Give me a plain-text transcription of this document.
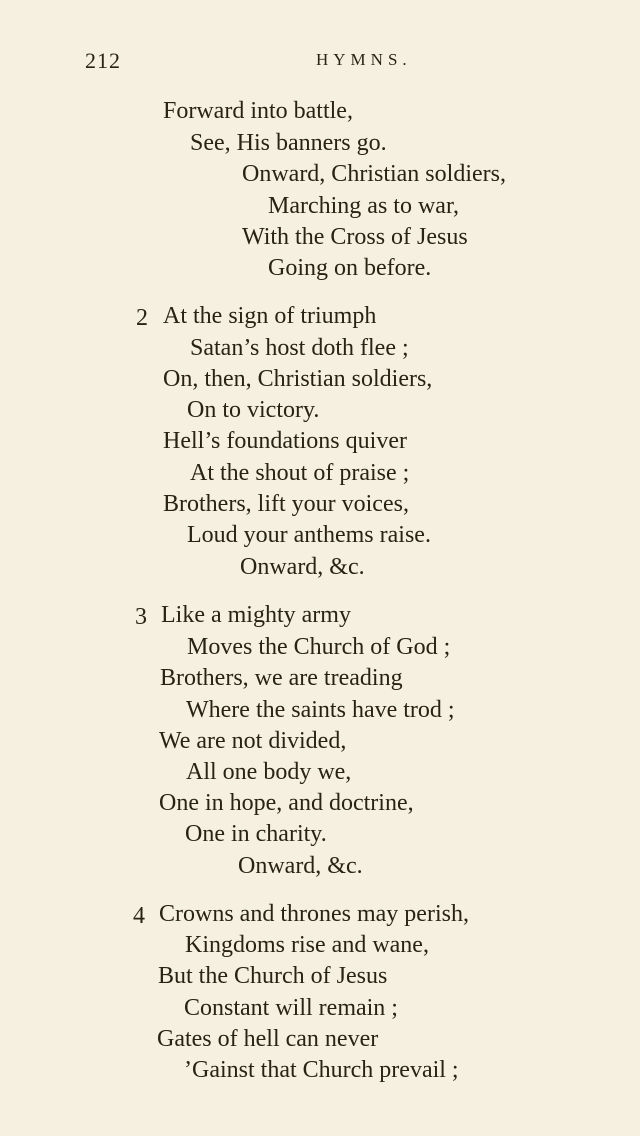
212	HYMNS.
Forward into battle,
See, His banners go.
Onward, Christian soldiers,
Marching as to war,
With the Cross of Jesus
Going on before.
2 At the sign of triumph
Satan’s host doth flee ;
On, then, Christian soldiers,
On to victory.
Hell’s foundations quiver
At the shout of praise ;
Brothers, lift your voices,
Loud your anthems raise.
Onward, &c.
3 Like a mighty army
Moves the Church of God ;
Brothers, we are treading
Where the saints have trod ;
We are not divided,
All one body we,
One in hope, and doctrine,
One in charity.
Onward, &c.
4 Crowns and thrones may perish,
Kingdoms rise and wane,
But the Church of Jesus
Constant will remain ;
Gates of hell can never
’Gainst that Church prevail ;
